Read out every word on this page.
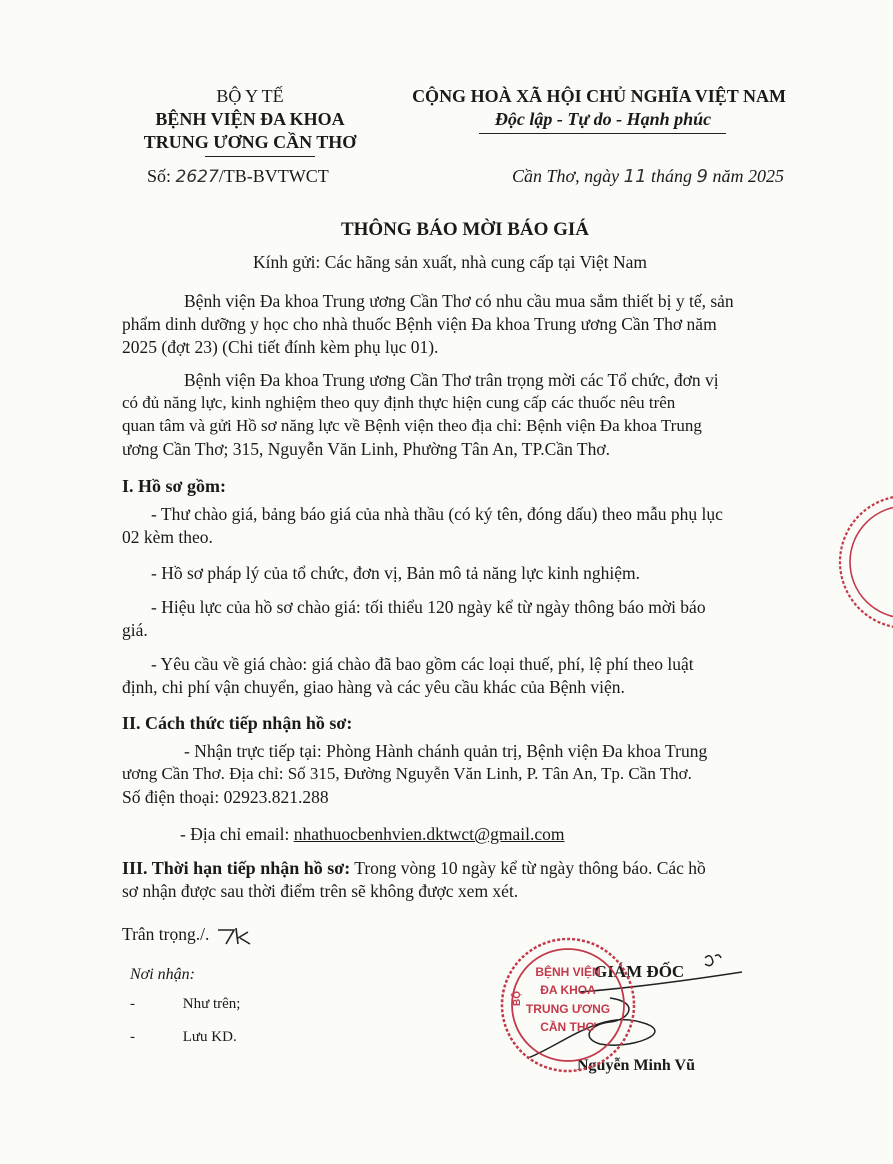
BỘ Y TẾ
BỆNH VIỆN ĐA KHOA
TRUNG ƯƠNG CẦN THƠ
Số: 2627/TB-BVTWCT
CỘNG HOÀ XÃ HỘI CHỦ NGHĨA VIỆT NAM
Độc lập - Tự do - Hạnh phúc
Cần Thơ, ngày 11 tháng 9 năm 2025
THÔNG BÁO MỜI BÁO GIÁ
Kính gửi: Các hãng sản xuất, nhà cung cấp tại Việt Nam
Bệnh viện Đa khoa Trung ương Cần Thơ có nhu cầu mua sắm thiết bị y tế, sản
phẩm dinh dưỡng y học cho nhà thuốc Bệnh viện Đa khoa Trung ương Cần Thơ năm
2025 (đợt 23) (Chi tiết đính kèm phụ lục 01).
Bệnh viện Đa khoa Trung ương Cần Thơ trân trọng mời các Tổ chức, đơn vị
có đủ năng lực, kinh nghiệm theo quy định thực hiện cung cấp các thuốc nêu trên
quan tâm và gửi Hồ sơ năng lực về Bệnh viện theo địa chỉ: Bệnh viện Đa khoa Trung
ương Cần Thơ; 315, Nguyễn Văn Linh, Phường Tân An, TP.Cần Thơ.
I. Hồ sơ gồm:
- Thư chào giá, bảng báo giá của nhà thầu (có ký tên, đóng dấu) theo mẫu phụ lục
02 kèm theo.
- Hồ sơ pháp lý của tổ chức, đơn vị, Bản mô tả năng lực kinh nghiệm.
- Hiệu lực của hồ sơ chào giá: tối thiểu 120 ngày kể từ ngày thông báo mời báo
giá.
- Yêu cầu về giá chào: giá chào đã bao gồm các loại thuế, phí, lệ phí theo luật
định, chi phí vận chuyển, giao hàng và các yêu cầu khác của Bệnh viện.
II. Cách thức tiếp nhận hồ sơ:
- Nhận trực tiếp tại: Phòng Hành chánh quản trị, Bệnh viện Đa khoa Trung
ương Cần Thơ. Địa chỉ: Số 315, Đường Nguyễn Văn Linh, P. Tân An, Tp. Cần Thơ.
Số điện thoại: 02923.821.288
- Địa chỉ email: nhathuocbenhvien.dktwct@gmail.com
III. Thời hạn tiếp nhận hồ sơ: Trong vòng 10 ngày kể từ ngày thông báo. Các hồ
sơ nhận được sau thời điểm trên sẽ không được xem xét.
Trân trọng./.
Nơi nhận:
-	Như trên;
-	Lưu KD.
GIÁM ĐỐC
Nguyễn Minh Vũ
BỘ
BỆNH VIỆN
ĐA KHOA
TRUNG ƯƠNG
CẦN THƠ
